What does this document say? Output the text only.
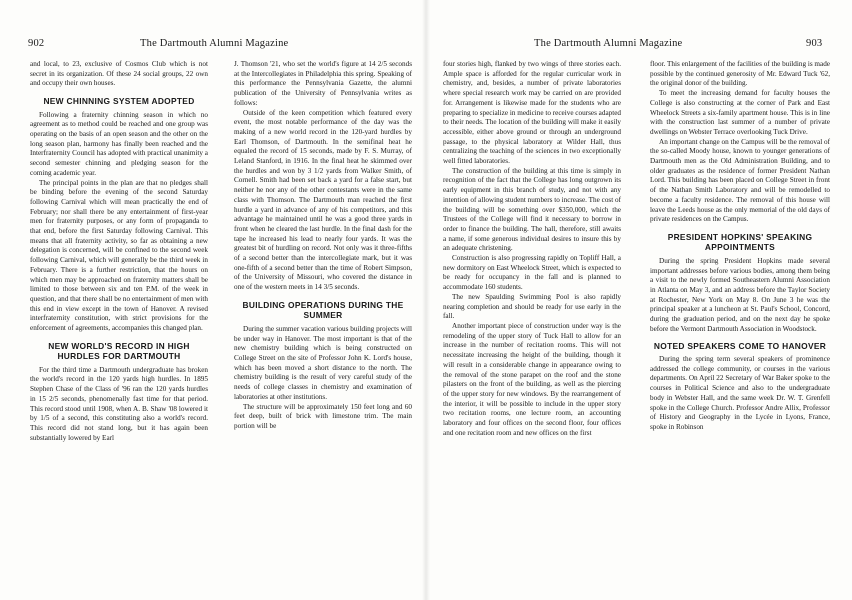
902	The Dartmouth Alumni Magazine

and local, to 23, exclusive of Cosmos Club which is not secret in its organization. Of these 24 social groups, 22 own and occupy their own houses.

NEW CHINNING SYSTEM ADOPTED

Following a fraternity chinning season in which no agreement as to method could be reached and one group was operating on the basis of an open season and the other on the long season plan, harmony has finally been reached and the Interfraternity Council has adopted with practical unanimity a second semester chinning and pledging season for the coming academic year.

The principal points in the plan are that no pledges shall be binding before the evening of the second Saturday following Carnival which will mean practically the end of February; nor shall there be any entertainment of first-year men for fraternity purposes, or any form of propaganda to that end, before the first Saturday following Carnival. This means that all fraternity activity, so far as obtaining a new delegation is concerned, will be confined to the second week following Carnival, which will generally be the third week in February. There is a further restriction, that the hours on which men may be approached on fraternity matters shall be limited to those between six and ten P.M. of the week in question, and that there shall be no entertainment of men with this end in view except in the town of Hanover. A revised interfraternity constitution, with strict provisions for the enforcement of agreements, accompanies this changed plan.

NEW WORLD'S RECORD IN HIGH HURDLES FOR DARTMOUTH

For the third time a Dartmouth undergraduate has broken the world's record in the 120 yards high hurdles. In 1895 Stephen Chase of the Class of '96 ran the 120 yards hurdles in 15 2/5 seconds, phenomenally fast time for that period. This record stood until 1908, when A. B. Shaw '08 lowered it by 1/5 of a second, this constituting also a world's record. This record did not stand long, but it has again been substantially lowered by Earl

J. Thomson '21, who set the world's figure at 14 2/5 seconds at the Intercollegiates in Philadelphia this spring. Speaking of this performance the Pennsylvania Gazette, the alumni publication of the University of Pennsylvania writes as follows:

Outside of the keen competition which featured every event, the most notable performance of the day was the making of a new world record in the 120-yard hurdles by Earl Thomson, of Dartmouth. In the semifinal heat he equaled the record of 15 seconds, made by F. S. Murray, of Leland Stanford, in 1916. In the final heat he skimmed over the hurdles and won by 3 1/2 yards from Walker Smith, of Cornell. Smith had been set back a yard for a false start, but neither he nor any of the other contestants were in the same class with Thomson. The Dartmouth man reached the first hurdle a yard in advance of any of his competitors, and this advantage he maintained until he was a good three yards in front when he cleared the last hurdle. In the final dash for the tape he increased his lead to nearly four yards. It was the greatest bit of hurdling on record. Not only was it three-fifths of a second better than the intercollegiate mark, but it was one-fifth of a second better than the time of Robert Simpson, of the University of Missouri, who covered the distance in one of the western meets in 14 3/5 seconds.

BUILDING OPERATIONS DURING THE SUMMER

During the summer vacation various building projects will be under way in Hanover. The most important is that of the new chemistry building which is being constructed on College Street on the site of Professor John K. Lord's house, which has been moved a short distance to the north. The chemistry building is the result of very careful study of the needs of college classes in chemistry and examination of laboratories at other institutions.

The structure will be approximately 150 feet long and 60 feet deep, built of brick with limestone trim. The main portion will be

The Dartmouth Alumni Magazine	903

four stories high, flanked by two wings of three stories each. Ample space is afforded for the regular curricular work in chemistry, and, besides, a number of private laboratories where special research work may be carried on are provided for. Arrangement is likewise made for the students who are preparing to specialize in medicine to receive courses adapted to their needs. The location of the building will make it easily accessible, either above ground or through an underground passage, to the physical laboratory at Wilder Hall, thus centralizing the teaching of the sciences in two exceptionally well fitted laboratories.

The construction of the building at this time is simply in recognition of the fact that the College has long outgrown its early equipment in this branch of study, and not with any intention of allowing student numbers to increase. The cost of the building will be something over $350,000, which the Trustees of the College will find it necessary to borrow in order to finance the building. The hall, therefore, still awaits a name, if some generous individual desires to insure this by an adequate christening.

Construction is also progressing rapidly on Topliff Hall, a new dormitory on East Wheelock Street, which is expected to be ready for occupancy in the fall and is planned to accommodate 160 students.

The new Spaulding Swimming Pool is also rapidly nearing completion and should be ready for use early in the fall.

Another important piece of construction under way is the remodeling of the upper story of Tuck Hall to allow for an increase in the number of recitation rooms. This will not necessitate increasing the height of the building, though it will result in a considerable change in appearance owing to the removal of the stone parapet on the roof and the stone pilasters on the front of the building, as well as the piercing of the upper story for new windows. By the rearrangement of the interior, it will be possible to include in the upper story two recitation rooms, one lecture room, an accounting laboratory and four offices on the second floor, four offices and one recitation room and new offices on the first

floor. This enlargement of the facilities of the building is made possible by the continued generosity of Mr. Edward Tuck '62, the original donor of the building.

To meet the increasing demand for faculty houses the College is also constructing at the corner of Park and East Wheelock Streets a six-family apartment house. This is in line with the construction last summer of a number of private dwellings on Webster Terrace overlooking Tuck Drive.

An important change on the Campus will be the removal of the so-called Moody house, known to younger generations of Dartmouth men as the Old Administration Building, and to older graduates as the residence of former President Nathan Lord. This building has been placed on College Street in front of the Nathan Smith Laboratory and will be remodelled to become a faculty residence. The removal of this house will leave the Leeds house as the only memorial of the old days of private residences on the Campus.

PRESIDENT HOPKINS' SPEAKING APPOINTMENTS

During the spring President Hopkins made several important addresses before various bodies, among them being a visit to the newly formed Southeastern Alumni Association in Atlanta on May 3, and an address before the Taylor Society at Rochester, New York on May 8. On June 3 he was the principal speaker at a luncheon at St. Paul's School, Concord, during the graduation period, and on the next day he spoke before the Vermont Dartmouth Association in Woodstock.

NOTED SPEAKERS COME TO HANOVER

During the spring term several speakers of prominence addressed the college community, or courses in the various departments. On April 22 Secretary of War Baker spoke to the courses in Political Science and also to the undergraduate body in Webster Hall, and the same week Dr. W. T. Grenfell spoke in the College Church. Professor Andre Allix, Professor of History and Geography in the Lycée in Lyons, France, spoke in Robinson
